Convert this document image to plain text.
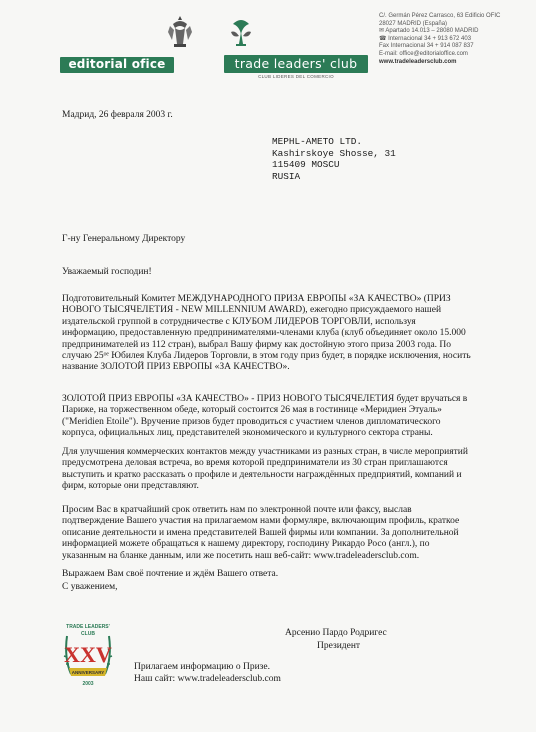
editorial ofice	trade leaders' club
CLUB LIDERES DEL COMERCIO
C/. Germán Pérez Carrasco, 63 Edificio OFIC
28027 MADRID (España)
✉ Apartado 14.013 – 28080 MADRID
☎ Internacional 34 + 913 672 403
Fax Internacional 34 + 914 087 837
E-mail: office@editorialoffice.com
www.tradeleadersclub.com
Мадрид, 26 февраля 2003 г.
МЕРНL-AMETO LTD.
Kashirskoye Shosse, 31
115409 MOSCU
RUSIA
Г-ну Генеральному Директору
Уважаемый господин!
Подготовительный Комитет МЕЖДУНАРОДНОГО ПРИЗА ЕВРОПЫ «ЗА КАЧЕСТВО» (ПРИЗ
НОВОГО ТЫСЯЧЕЛЕТИЯ - NEW MILLENNIUM AWARD), ежегодно присуждаемого нашей
издательской группой в сотрудничестве с КЛУБОМ ЛИДЕРОВ ТОРГОВЛИ, используя
информацию, предоставленную предпринимателями-членами клуба (клуб объединяет около 15.000
предпринимателей из 112 стран), выбрал Вашу фирму как достойную этого приза 2003 года. По
случаю 25ᵒᵉ Юбилея Клуба Лидеров Торговли, в этом году приз будет, в порядке исключения, носить
название ЗОЛОТОЙ ПРИЗ ЕВРОПЫ «ЗА КАЧЕСТВО».
ЗОЛОТОЙ ПРИЗ ЕВРОПЫ «ЗА КАЧЕСТВО» - ПРИЗ НОВОГО ТЫСЯЧЕЛЕТИЯ будет вручаться в
Париже, на торжественном обеде, который состоится 26 мая в гостинице «Меридиен Этуаль»
("Meridien Etoile"). Вручение призов будет проводиться с участием членов дипломатического
корпуса, официальных лиц, представителей экономического и культурного сектора страны.
Для улучшения коммерческих контактов между участниками из разных стран, в числе мероприятий
предусмотрена деловая встреча, во время которой предприниматели из 30 стран приглашаются
выступить и кратко рассказать о профиле и деятельности награждённых предприятий, компаний и
фирм, которые они представляют.
Просим Вас в кратчайший срок ответить нам по электронной почте или факсу, выслав
подтверждение Вашего участия на прилагаемом нами формуляре, включающим профиль, краткое
описание деятельности и имена представителей Вашей фирмы или компании. За дополнительной
информацией можете обращаться к нашему директору, господину Рикардо Росо (англ.), по
указанным на бланке данным, или же посетить наш веб-сайт: www.tradeleadersclub.com.
Выражаем Вам своё почтение и ждём Вашего ответа.
С уважением,
Арсенио Пардо Родригес
Президент
Прилагаем информацию о Призе.
Наш сайт: www.tradeleadersclub.com
TRADE LEADERS'
CLUB
XXV
ANNIVERSARY
2003
